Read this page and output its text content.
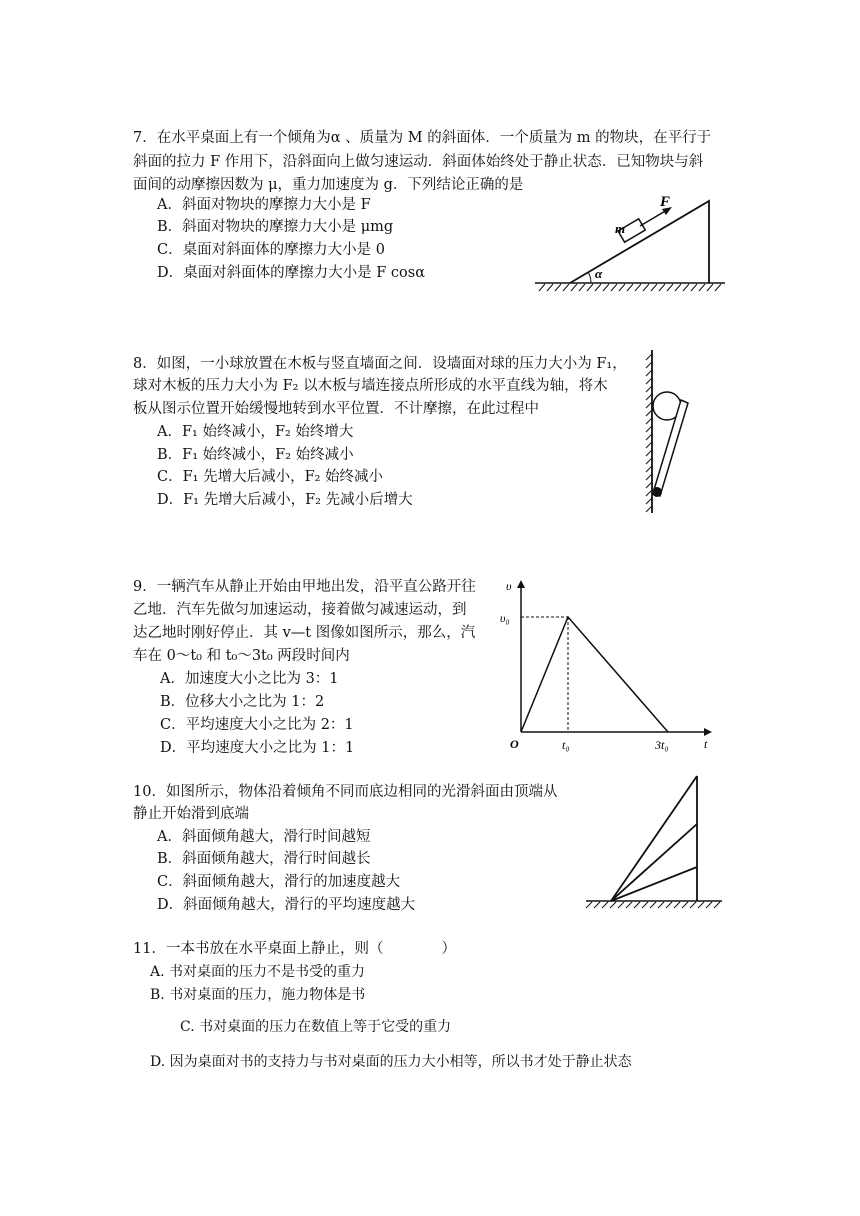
7．在水平桌面上有一个倾角为α 、质量为 M 的斜面体．一个质量为 m 的物块，在平行于
斜面的拉力 F 作用下，沿斜面向上做匀速运动．斜面体始终处于静止状态．已知物块与斜
面间的动摩擦因数为 μ，重力加速度为 g．下列结论正确的是
A．斜面对物块的摩擦力大小是 F
B．斜面对物块的摩擦力大小是 μmg
C．桌面对斜面体的摩擦力大小是 0
D．桌面对斜面体的摩擦力大小是 F cosα
m
F
α
8．如图，一小球放置在木板与竖直墙面之间．设墙面对球的压力大小为 F₁，
球对木板的压力大小为 F₂ 以木板与墙连接点所形成的水平直线为轴，将木
板从图示位置开始缓慢地转到水平位置．不计摩擦，在此过程中
A．F₁ 始终减小，F₂ 始终增大
B．F₁ 始终减小，F₂ 始终减小
C．F₁ 先增大后减小，F₂ 始终减小
D．F₁ 先增大后减小，F₂ 先减小后增大
9．一辆汽车从静止开始由甲地出发，沿平直公路开往
乙地．汽车先做匀加速运动，接着做匀减速运动，到
达乙地时刚好停止．其 v—t 图像如图所示，那么，汽
车在 0～t₀ 和 t₀～3t₀ 两段时间内
A．加速度大小之比为 3：1
B．位移大小之比为 1：2
C．平均速度大小之比为 2：1
D．平均速度大小之比为 1：1
υ
t
O
υ₀
t₀	3t₀
10．如图所示，物体沿着倾角不同而底边相同的光滑斜面由顶端从
静止开始滑到底端
A．斜面倾角越大，滑行时间越短
B．斜面倾角越大，滑行时间越长
C．斜面倾角越大，滑行的加速度越大
D．斜面倾角越大，滑行的平均速度越大
11．一本书放在水平桌面上静止，则（　　　　）
A. 书对桌面的压力不是书受的重力
B. 书对桌面的压力，施力物体是书
C. 书对桌面的压力在数值上等于它受的重力
D. 因为桌面对书的支持力与书对桌面的压力大小相等，所以书才处于静止状态
